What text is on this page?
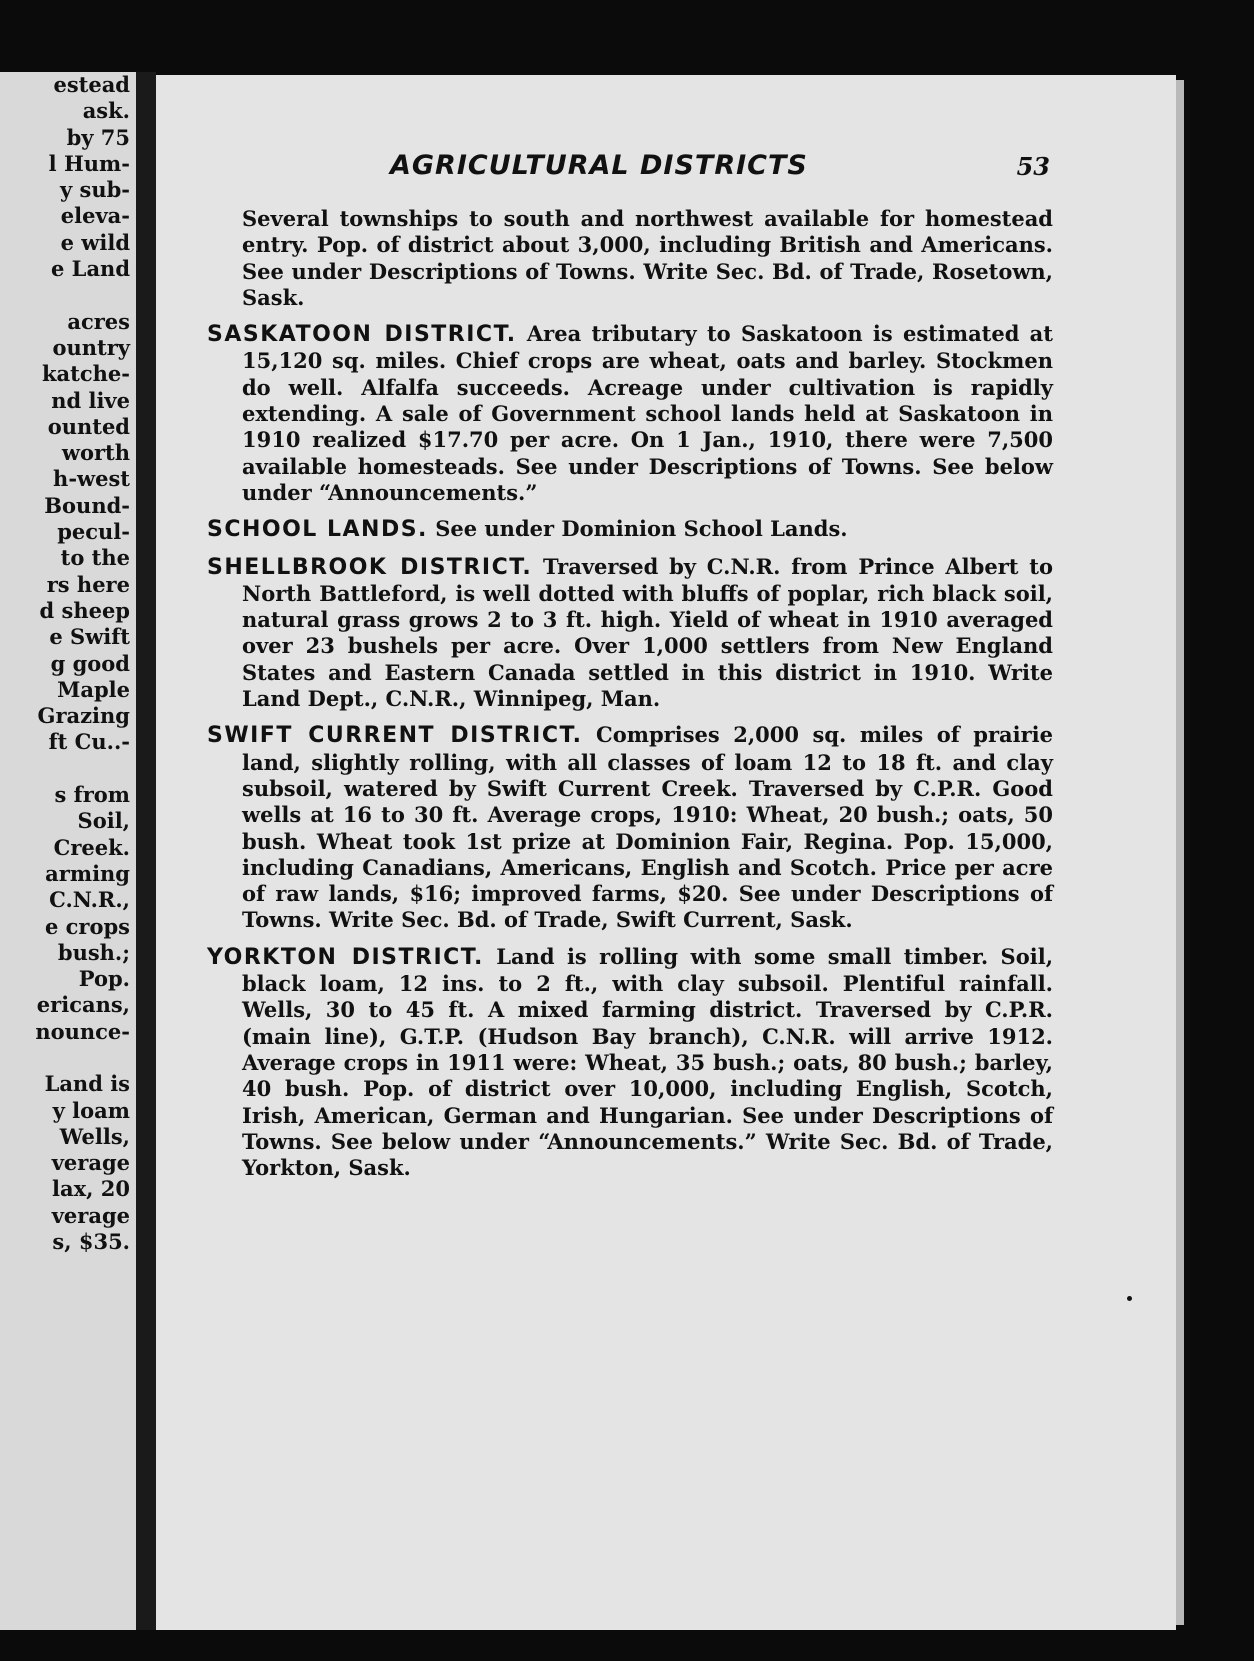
estead
ask.
by 75
l Hum-
y sub-
eleva-
e wild
e Land

acres
ountry
katche-
nd live
ounted
worth
h-west
Bound-
pecul-
to the
rs here
d sheep
e Swift
g good
Maple
Grazing
ft Cu..-

s from
Soil,
Creek.
arming
C.N.R.,
e crops
bush.;
Pop.
ericans,
nounce-

Land is
y loam
Wells,
verage
lax, 20
verage
s, $35.
AGRICULTURAL DISTRICTS	53

Several townships to south and northwest available for homestead entry. Pop. of district about 3,000, including British and Americans. See under Descriptions of Towns. Write Sec. Bd. of Trade, Rosetown, Sask.

SASKATOON DISTRICT. Area tributary to Saskatoon is estimated at 15,120 sq. miles. Chief crops are wheat, oats and barley. Stockmen do well. Alfalfa succeeds. Acreage under cultivation is rapidly extending. A sale of Government school lands held at Saskatoon in 1910 realized $17.70 per acre. On 1 Jan., 1910, there were 7,500 available homesteads. See under Descriptions of Towns. See below under “Announcements.”

SCHOOL LANDS. See under Dominion School Lands.

SHELLBROOK DISTRICT. Traversed by C.N.R. from Prince Albert to North Battleford, is well dotted with bluffs of poplar, rich black soil, natural grass grows 2 to 3 ft. high. Yield of wheat in 1910 averaged over 23 bushels per acre. Over 1,000 settlers from New England States and Eastern Canada settled in this district in 1910. Write Land Dept., C.N.R., Winnipeg, Man.

SWIFT CURRENT DISTRICT. Comprises 2,000 sq. miles of prairie land, slightly rolling, with all classes of loam 12 to 18 ft. and clay subsoil, watered by Swift Current Creek. Traversed by C.P.R. Good wells at 16 to 30 ft. Average crops, 1910: Wheat, 20 bush.; oats, 50 bush. Wheat took 1st prize at Dominion Fair, Regina. Pop. 15,000, including Canadians, Americans, English and Scotch. Price per acre of raw lands, $16; improved farms, $20. See under Descriptions of Towns. Write Sec. Bd. of Trade, Swift Current, Sask.

YORKTON DISTRICT. Land is rolling with some small timber. Soil, black loam, 12 ins. to 2 ft., with clay subsoil. Plentiful rainfall. Wells, 30 to 45 ft. A mixed farming district. Traversed by C.P.R. (main line), G.T.P. (Hudson Bay branch), C.N.R. will arrive 1912. Average crops in 1911 were: Wheat, 35 bush.; oats, 80 bush.; barley, 40 bush. Pop. of district over 10,000, including English, Scotch, Irish, American, German and Hungarian. See under Descriptions of Towns. See below under “Announcements.” Write Sec. Bd. of Trade, Yorkton, Sask.
